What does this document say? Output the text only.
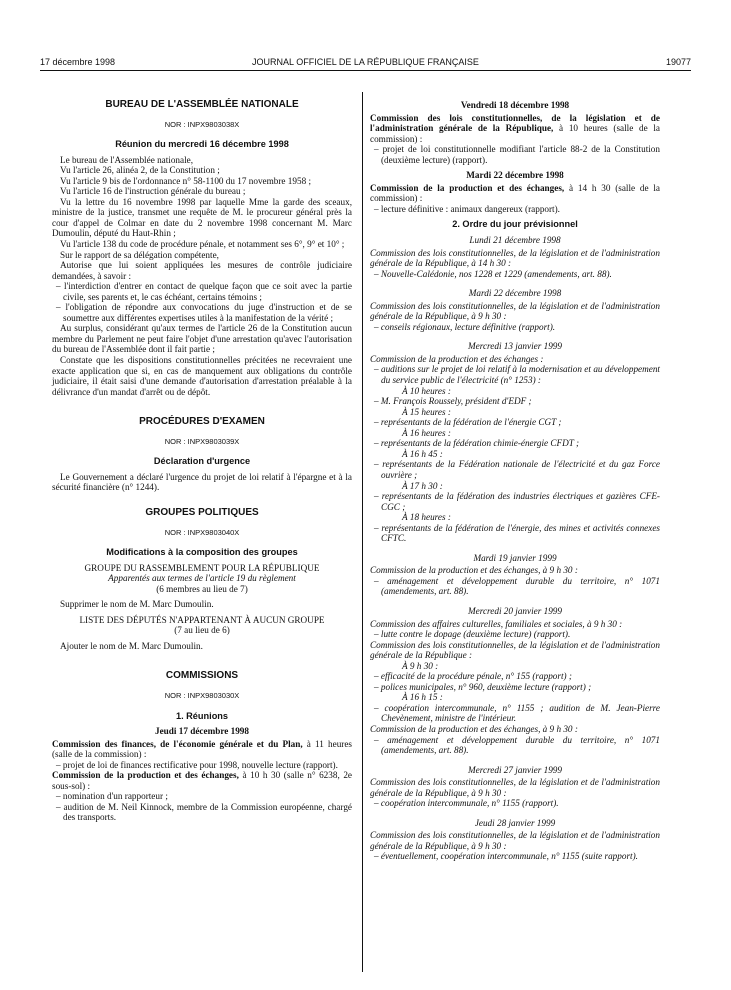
17 décembre 1998	JOURNAL OFFICIEL DE LA RÉPUBLIQUE FRANÇAISE	19077
BUREAU DE L'ASSEMBLÉE NATIONALE
NOR : INPX9803038X
Réunion du mercredi 16 décembre 1998

Le bureau de l'Assemblée nationale,

Vu l'article 26, alinéa 2, de la Constitution ;

Vu l'article 9 bis de l'ordonnance n° 58-1100 du 17 novembre 1958 ;

Vu l'article 16 de l'instruction générale du bureau ;

Vu la lettre du 16 novembre 1998 par laquelle Mme la garde des sceaux, ministre de la justice, transmet une requête de M. le procureur général près la cour d'appel de Colmar en date du 2 novembre 1998 concernant M. Marc Dumoulin, député du Haut-Rhin ;

Vu l'article 138 du code de procédure pénale, et notamment ses 6°, 9° et 10° ;

Sur le rapport de sa délégation compétente,

Autorise que lui soient appliquées les mesures de contrôle judiciaire demandées, à savoir :

– l'interdiction d'entrer en contact de quelque façon que ce soit avec la partie civile, ses parents et, le cas échéant, certains témoins ;

– l'obligation de répondre aux convocations du juge d'instruction et de se soumettre aux différentes expertises utiles à la manifestation de la vérité ;

Au surplus, considérant qu'aux termes de l'article 26 de la Constitution aucun membre du Parlement ne peut faire l'objet d'une arrestation qu'avec l'autorisation du bureau de l'Assemblée dont il fait partie ;

Constate que les dispositions constitutionnelles précitées ne recevraient une exacte application que si, en cas de manquement aux obligations du contrôle judiciaire, il était saisi d'une demande d'autorisation d'arrestation préalable à la délivrance d'un mandat d'arrêt ou de dépôt.

PROCÉDURES D'EXAMEN
NOR : INPX9803039X
Déclaration d'urgence

Le Gouvernement a déclaré l'urgence du projet de loi relatif à l'épargne et à la sécurité financière (n° 1244).

GROUPES POLITIQUES
NOR : INPX9803040X
Modifications à la composition des groupes

GROUPE DU RASSEMBLEMENT POUR LA RÉPUBLIQUE

Apparentés aux termes de l'article 19 du règlement

(6 membres au lieu de 7)

Supprimer le nom de M. Marc Dumoulin.

LISTE DES DÉPUTÉS N'APPARTENANT À AUCUN GROUPE

(7 au lieu de 6)

Ajouter le nom de M. Marc Dumoulin.

COMMISSIONS
NOR : INPX9803030X
1. Réunions
Jeudi 17 décembre 1998

Commission des finances, de l'économie générale et du Plan, à 11 heures (salle de la commission) :

– projet de loi de finances rectificative pour 1998, nouvelle lecture (rapport).

Commission de la production et des échanges, à 10 h 30 (salle n° 6238, 2e sous-sol) :

– nomination d'un rapporteur ;

– audition de M. Neil Kinnock, membre de la Commission européenne, chargé des transports.

Vendredi 18 décembre 1998

Commission des lois constitutionnelles, de la législation et de l'administration générale de la République, à 10 heures (salle de la commission) :

– projet de loi constitutionnelle modifiant l'article 88-2 de la Constitution (deuxième lecture) (rapport).

Mardi 22 décembre 1998

Commission de la production et des échanges, à 14 h 30 (salle de la commission) :

– lecture définitive : animaux dangereux (rapport).

2. Ordre du jour prévisionnel
Lundi 21 décembre 1998

Commission des lois constitutionnelles, de la législation et de l'administration générale de la République, à 14 h 30 :

– Nouvelle-Calédonie, nos 1228 et 1229 (amendements, art. 88).

Mardi 22 décembre 1998

Commission des lois constitutionnelles, de la législation et de l'administration générale de la République, à 9 h 30 :

– conseils régionaux, lecture définitive (rapport).

Mercredi 13 janvier 1999

Commission de la production et des échanges :

– auditions sur le projet de loi relatif à la modernisation et au développement du service public de l'électricité (n° 1253) :

À 10 heures :

– M. François Roussely, président d'EDF ;

À 15 heures :

– représentants de la fédération de l'énergie CGT ;

À 16 heures :

– représentants de la fédération chimie-énergie CFDT ;

À 16 h 45 :

– représentants de la Fédération nationale de l'électricité et du gaz Force ouvrière ;

À 17 h 30 :

– représentants de la fédération des industries électriques et gazières CFE-CGC ;

À 18 heures :

– représentants de la fédération de l'énergie, des mines et activités connexes CFTC.

Mardi 19 janvier 1999

Commission de la production et des échanges, à 9 h 30 :

– aménagement et développement durable du territoire, n° 1071 (amendements, art. 88).

Mercredi 20 janvier 1999

Commission des affaires culturelles, familiales et sociales, à 9 h 30 :

– lutte contre le dopage (deuxième lecture) (rapport).

Commission des lois constitutionnelles, de la législation et de l'administration générale de la République :

À 9 h 30 :

– efficacité de la procédure pénale, n° 155 (rapport) ;

– polices municipales, n° 960, deuxième lecture (rapport) ;

À 16 h 15 :

– coopération intercommunale, n° 1155 ; audition de M. Jean-Pierre Chevènement, ministre de l'intérieur.

Commission de la production et des échanges, à 9 h 30 :

– aménagement et développement durable du territoire, n° 1071 (amendements, art. 88).

Mercredi 27 janvier 1999

Commission des lois constitutionnelles, de la législation et de l'administration générale de la République, à 9 h 30 :

– coopération intercommunale, n° 1155 (rapport).

Jeudi 28 janvier 1999

Commission des lois constitutionnelles, de la législation et de l'administration générale de la République, à 9 h 30 :

– éventuellement, coopération intercommunale, n° 1155 (suite rapport).
